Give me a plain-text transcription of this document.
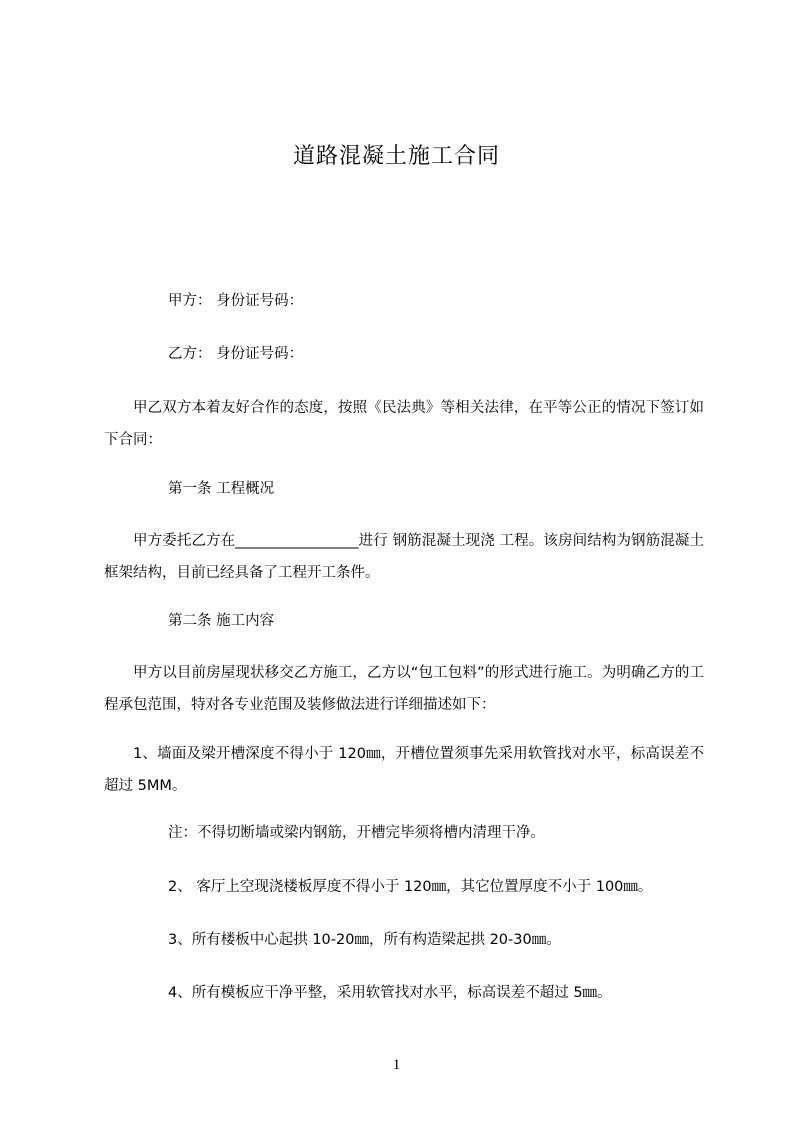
道路混凝土施工合同
甲方： 身份证号码：
乙方： 身份证号码：
甲乙双方本着友好合作的态度，按照《民法典》等相关法律，在平等公正的情况下签订如下合同：
第一条 工程概况
甲方委托乙方在_________________进行 钢筋混凝土现浇 工程。该房间结构为钢筋混凝土框架结构，目前已经具备了工程开工条件。
第二条 施工内容
甲方以目前房屋现状移交乙方施工，乙方以“包工包料”的形式进行施工。为明确乙方的工程承包范围，特对各专业范围及装修做法进行详细描述如下：
1、墙面及梁开槽深度不得小于 120㎜，开槽位置须事先采用软管找对水平，标高误差不超过 5MM。
注：不得切断墙或梁内钢筋，开槽完毕须将槽内清理干净。
2、 客厅上空现浇楼板厚度不得小于 120㎜，其它位置厚度不小于 100㎜。
3、所有楼板中心起拱 10-20㎜，所有构造梁起拱 20-30㎜。
4、所有模板应干净平整，采用软管找对水平，标高误差不超过 5㎜。
1
